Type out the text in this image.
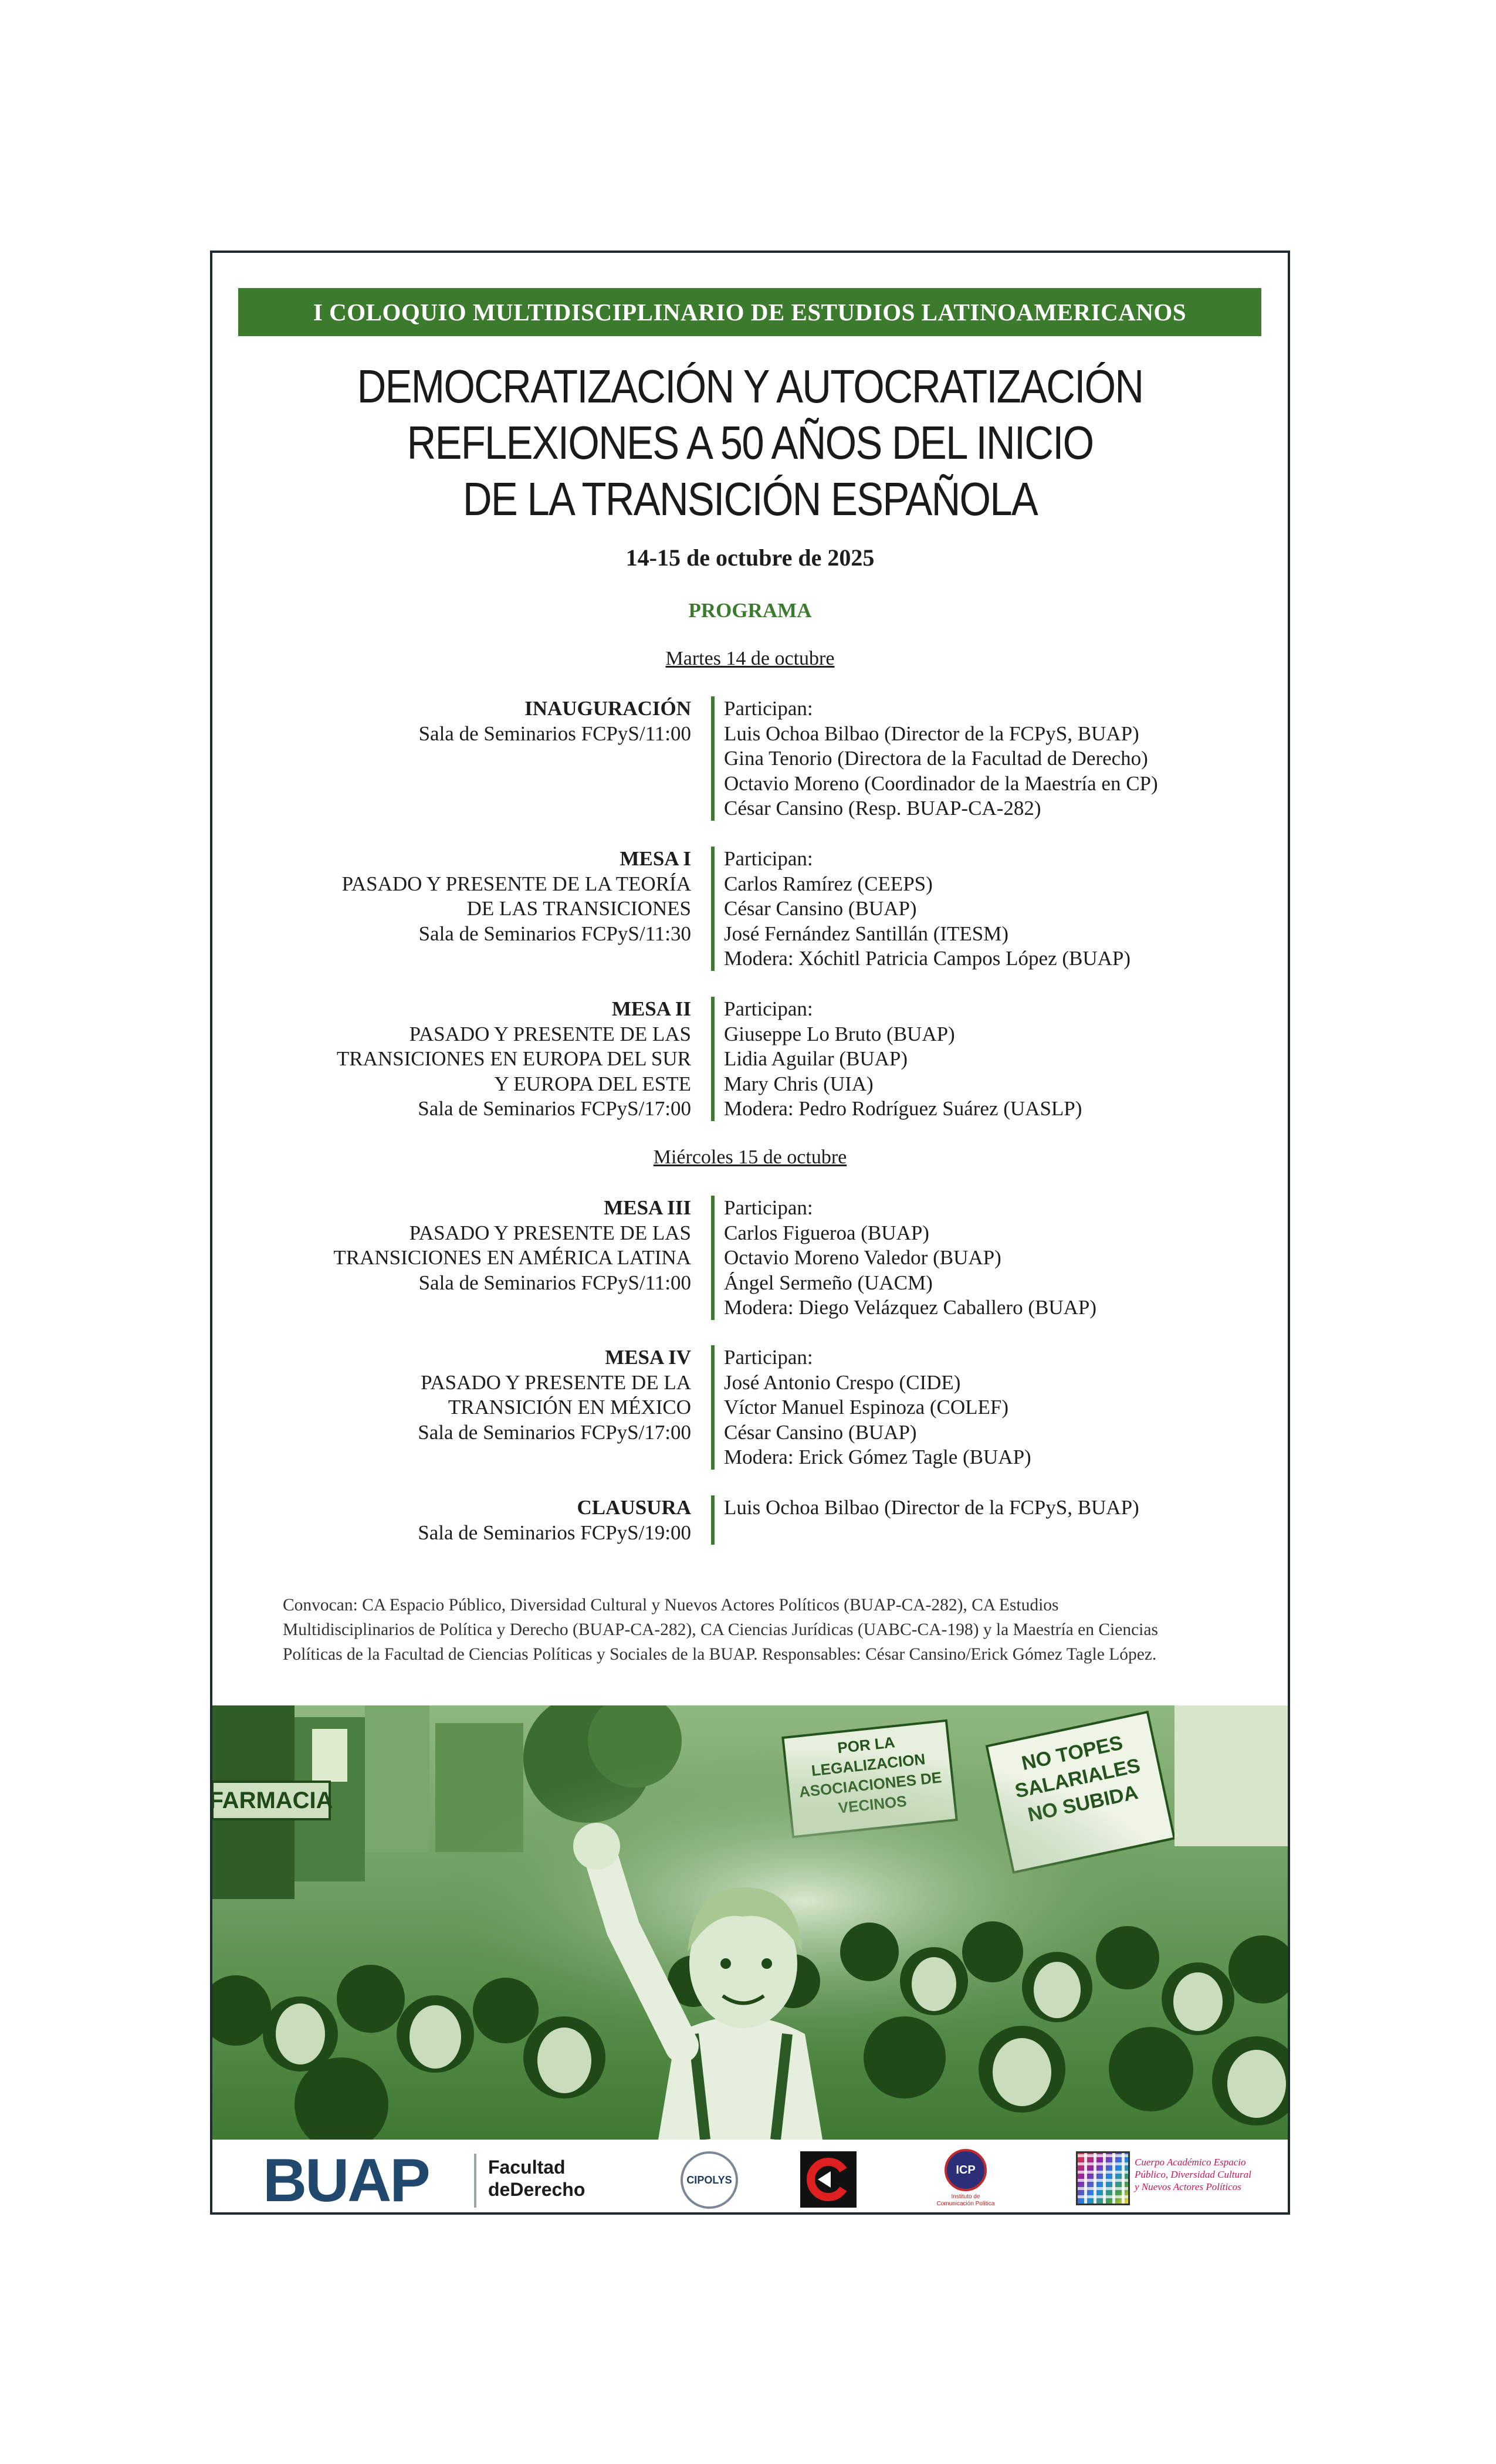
I COLOQUIO MULTIDISCIPLINARIO DE ESTUDIOS LATINOAMERICANOS
DEMOCRATIZACIÓN Y AUTOCRATIZACIÓN
REFLEXIONES A 50 AÑOS DEL INICIO
DE LA TRANSICIÓN ESPAÑOLA
14-15 de octubre de 2025
PROGRAMA
Martes 14 de octubre
INAUGURACIÓN
Sala de Seminarios FCPyS/11:00
Participan:
Luis Ochoa Bilbao (Director de la FCPyS, BUAP)
Gina Tenorio (Directora de la Facultad de Derecho)
Octavio Moreno (Coordinador de la Maestría en CP)
César Cansino (Resp. BUAP-CA-282)
MESA I
PASADO Y PRESENTE DE LA TEORÍA
DE LAS TRANSICIONES
Sala de Seminarios FCPyS/11:30
Participan:
Carlos Ramírez (CEEPS)
César Cansino (BUAP)
José Fernández Santillán (ITESM)
Modera: Xóchitl Patricia Campos López (BUAP)
MESA II
PASADO Y PRESENTE DE LAS
TRANSICIONES EN EUROPA DEL SUR
Y EUROPA DEL ESTE
Sala de Seminarios FCPyS/17:00
Participan:
Giuseppe Lo Bruto (BUAP)
Lidia Aguilar (BUAP)
Mary Chris (UIA)
Modera: Pedro Rodríguez Suárez (UASLP)
Miércoles 15 de octubre
MESA III
PASADO Y PRESENTE DE LAS
TRANSICIONES EN AMÉRICA LATINA
Sala de Seminarios FCPyS/11:00
Participan:
Carlos Figueroa (BUAP)
Octavio Moreno Valedor (BUAP)
Ángel Sermeño (UACM)
Modera: Diego Velázquez Caballero (BUAP)
MESA IV
PASADO Y PRESENTE DE LA
TRANSICIÓN EN MÉXICO
Sala de Seminarios FCPyS/17:00
Participan:
José Antonio Crespo (CIDE)
Víctor Manuel Espinoza (COLEF)
César Cansino (BUAP)
Modera: Erick Gómez Tagle (BUAP)
CLAUSURA
Sala de Seminarios FCPyS/19:00
Luis Ochoa Bilbao (Director de la FCPyS, BUAP)
Convocan: CA Espacio Público, Diversidad Cultural y Nuevos Actores Políticos (BUAP-CA-282), CA Estudios
Multidisciplinarios de Política y Derecho (BUAP-CA-282), CA Ciencias Jurídicas (UABC-CA-198) y la Maestría en Ciencias
Políticas de la Facultad de Ciencias Políticas y Sociales de la BUAP. Responsables: César Cansino/Erick Gómez Tagle López.
BUAP	Facultad
deDerecho	CIPOLYS
ICP
Instituto de
Comunicación Política
Cuerpo Académico Espacio
Público, Diversidad Cultural
y Nuevos Actores Políticos
